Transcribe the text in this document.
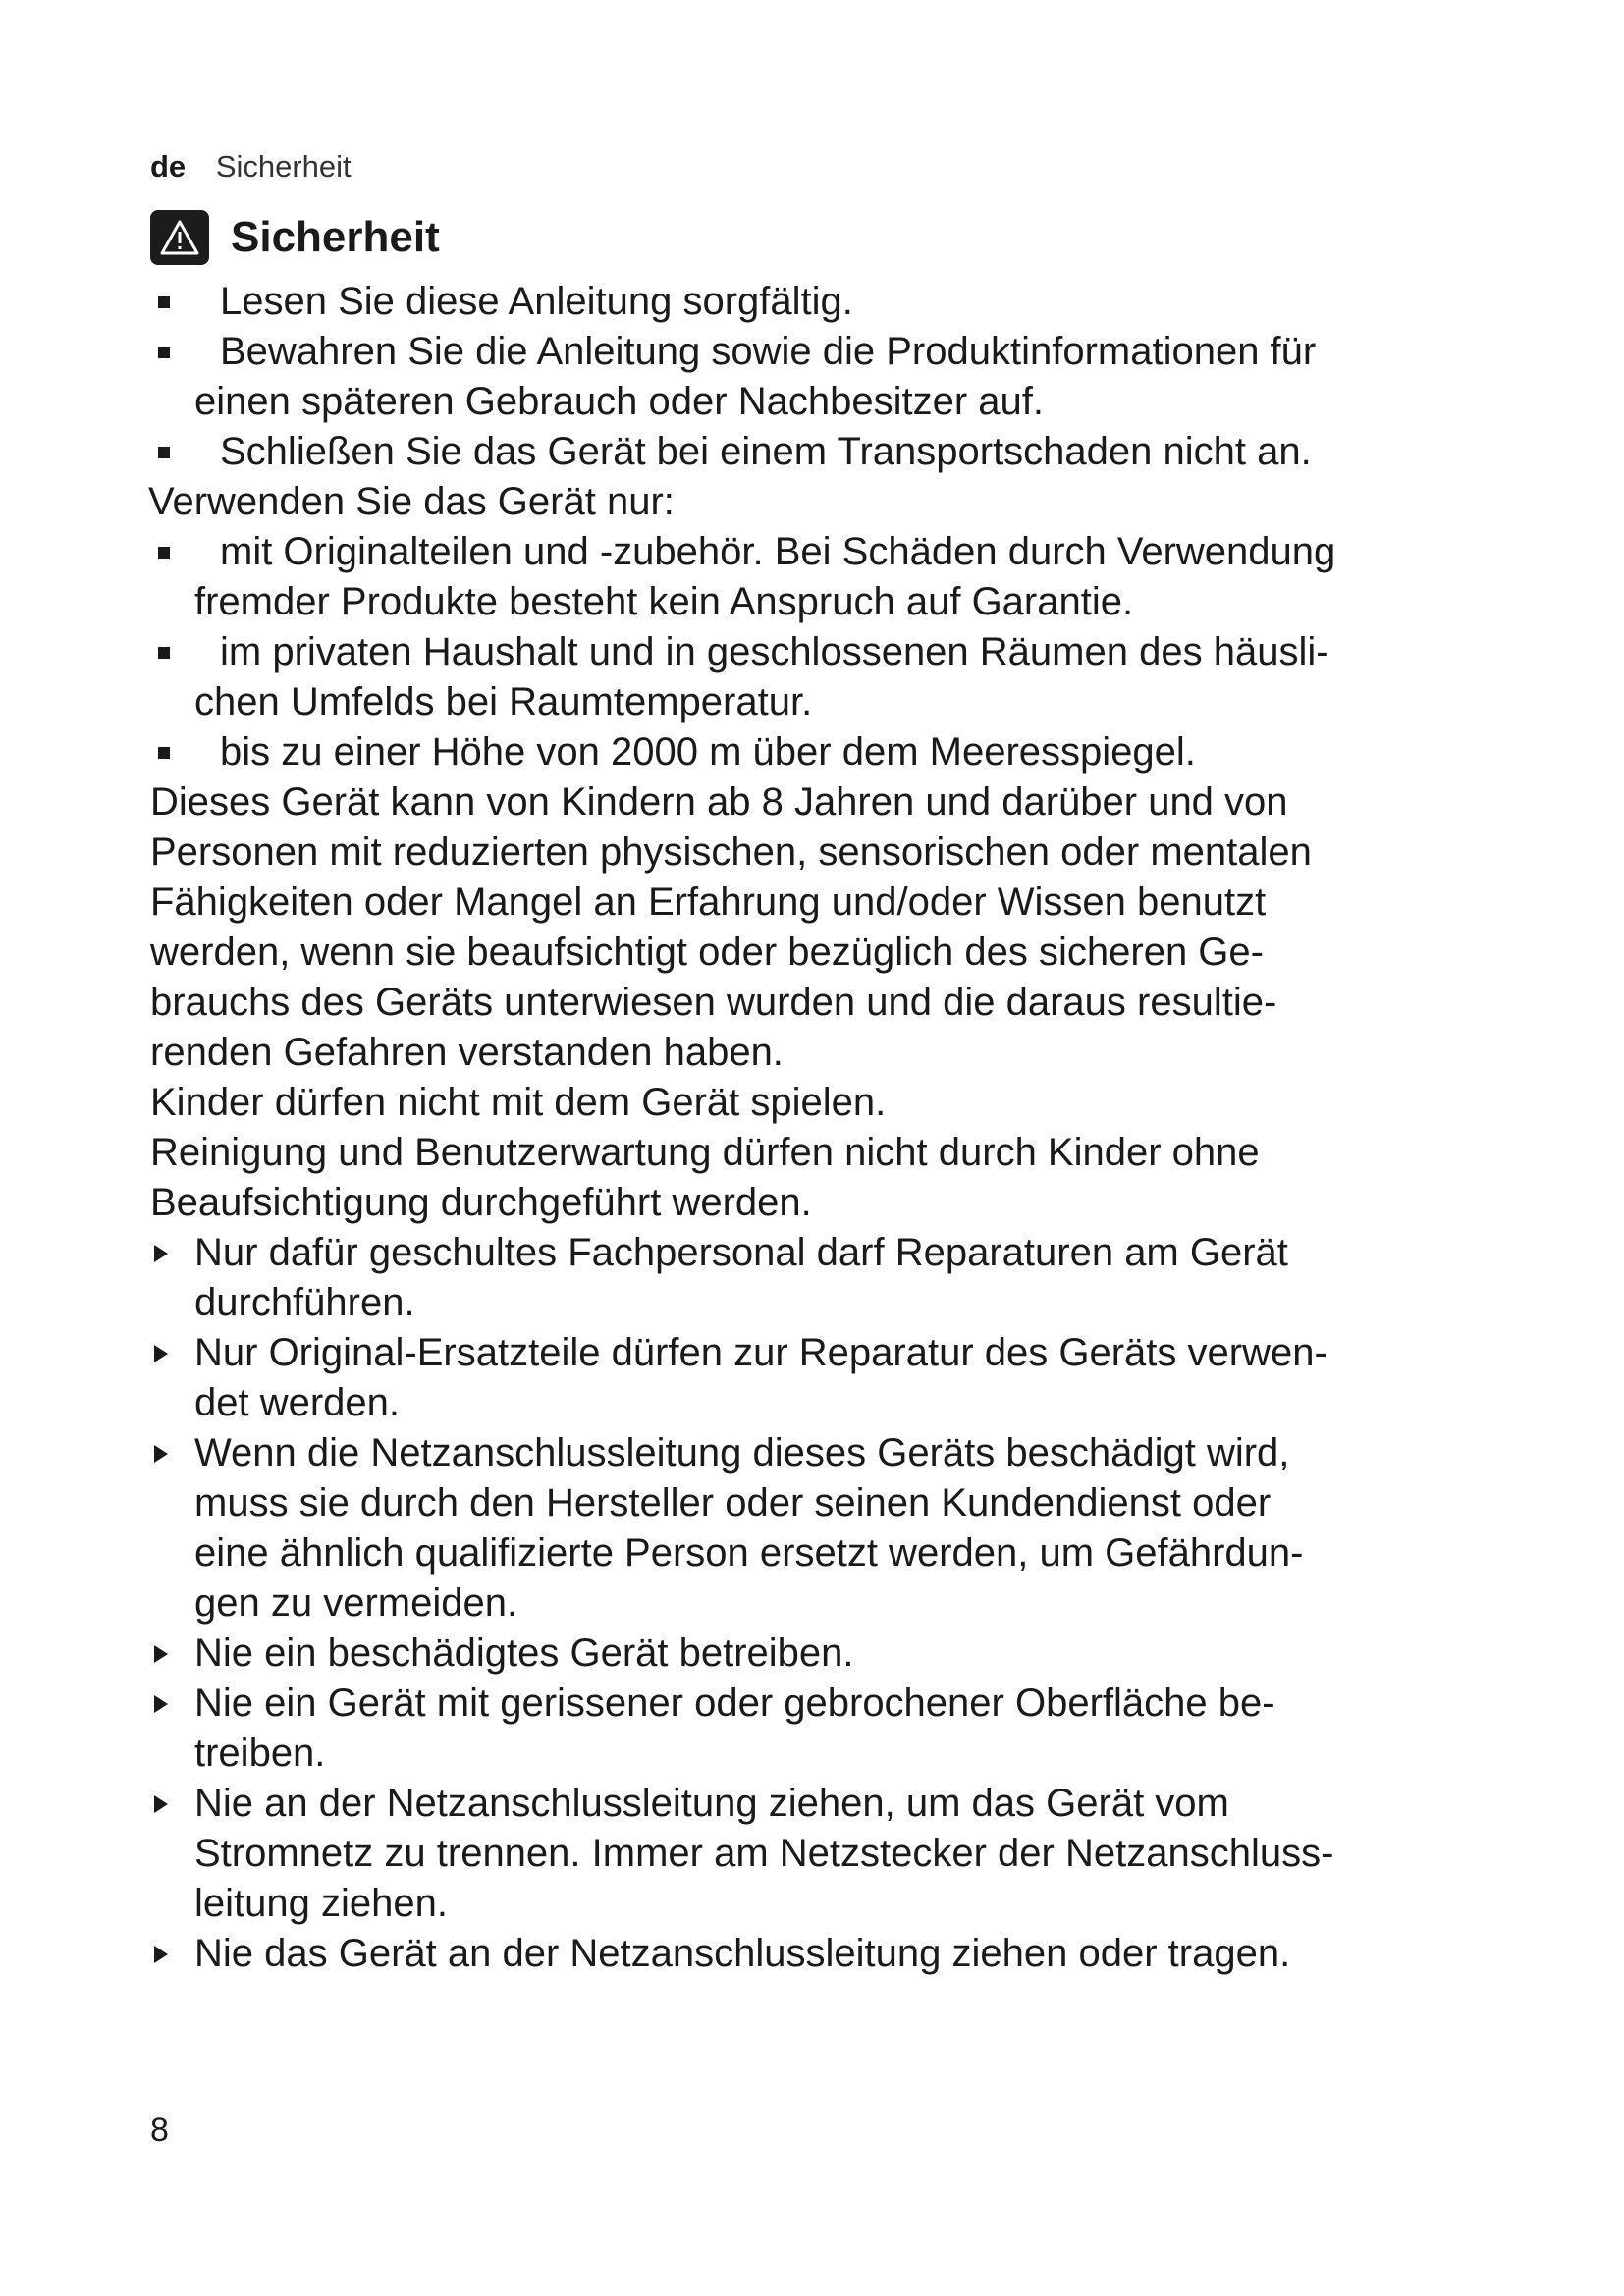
de Sicherheit
Sicherheit
Lesen Sie diese Anleitung sorgfältig.
Bewahren Sie die Anleitung sowie die Produktinformationen für
einen späteren Gebrauch oder Nachbesitzer auf.
Schließen Sie das Gerät bei einem Transportschaden nicht an.
Verwenden Sie das Gerät nur:
mit Originalteilen und -zubehör. Bei Schäden durch Verwendung
fremder Produkte besteht kein Anspruch auf Garantie.
im privaten Haushalt und in geschlossenen Räumen des häusli-
chen Umfelds bei Raumtemperatur.
bis zu einer Höhe von 2000 m über dem Meeresspiegel.
Dieses Gerät kann von Kindern ab 8 Jahren und darüber und von
Personen mit reduzierten physischen, sensorischen oder mentalen
Fähigkeiten oder Mangel an Erfahrung und/oder Wissen benutzt
werden, wenn sie beaufsichtigt oder bezüglich des sicheren Ge-
brauchs des Geräts unterwiesen wurden und die daraus resultie-
renden Gefahren verstanden haben.
Kinder dürfen nicht mit dem Gerät spielen.
Reinigung und Benutzerwartung dürfen nicht durch Kinder ohne
Beaufsichtigung durchgeführt werden.
Nur dafür geschultes Fachpersonal darf Reparaturen am Gerät
durchführen.
Nur Original-Ersatzteile dürfen zur Reparatur des Geräts verwen-
det werden.
Wenn die Netzanschlussleitung dieses Geräts beschädigt wird,
muss sie durch den Hersteller oder seinen Kundendienst oder
eine ähnlich qualifizierte Person ersetzt werden, um Gefährdun-
gen zu vermeiden.
Nie ein beschädigtes Gerät betreiben.
Nie ein Gerät mit gerissener oder gebrochener Oberfläche be-
treiben.
Nie an der Netzanschlussleitung ziehen, um das Gerät vom
Stromnetz zu trennen. Immer am Netzstecker der Netzanschluss-
leitung ziehen.
Nie das Gerät an der Netzanschlussleitung ziehen oder tragen.
8
